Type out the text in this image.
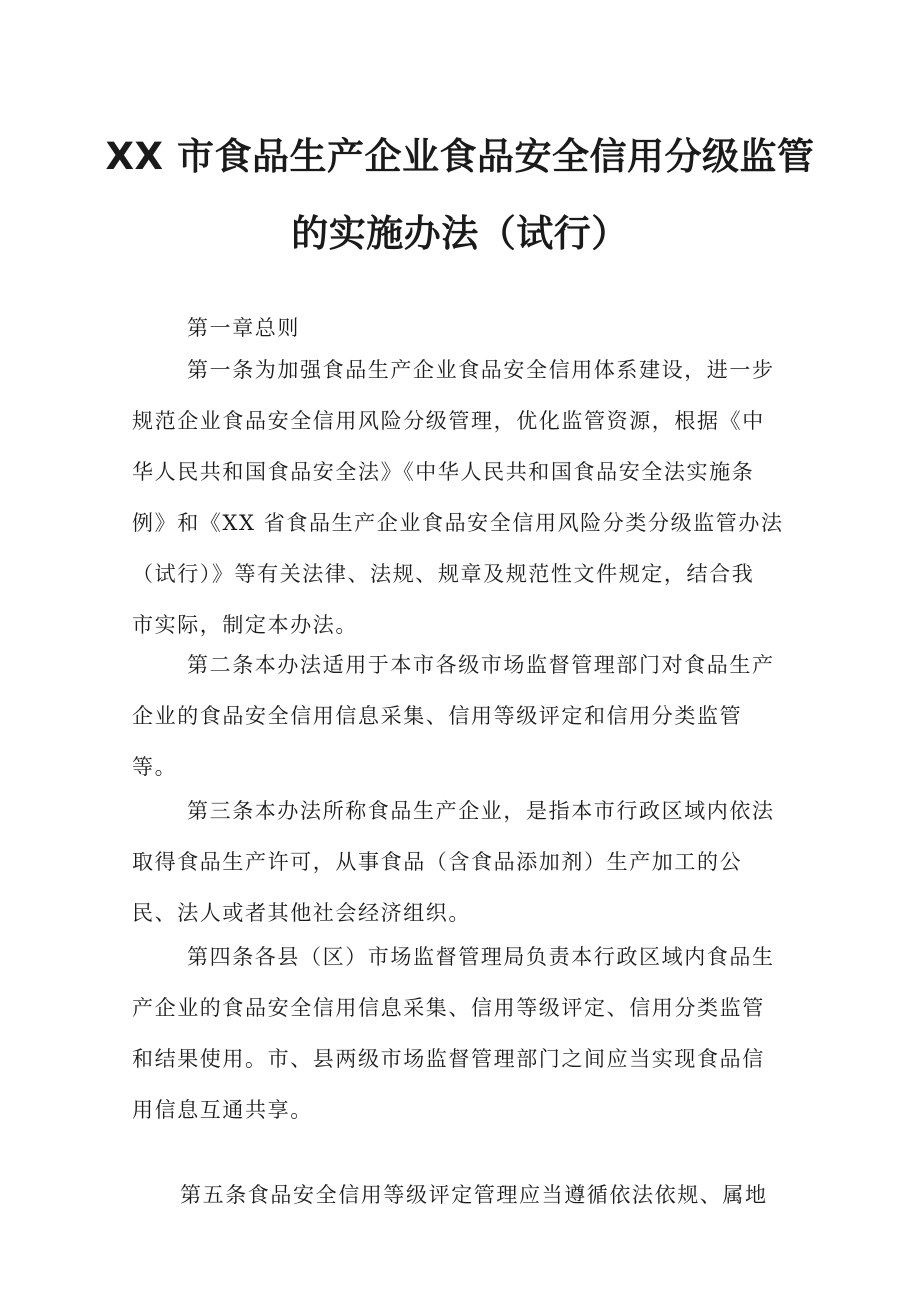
XX 市食品生产企业食品安全信用分级监管
的实施办法（试行）
第一章总则
第一条为加强食品生产企业食品安全信用体系建设，进一步
规范企业食品安全信用风险分级管理，优化监管资源，根据《中
华人民共和国食品安全法》《中华人民共和国食品安全法实施条
例》和《XX 省食品生产企业食品安全信用风险分类分级监管办法
（试行）》等有关法律、法规、规章及规范性文件规定，结合我
市实际，制定本办法。
第二条本办法适用于本市各级市场监督管理部门对食品生产
企业的食品安全信用信息采集、信用等级评定和信用分类监管
等。
第三条本办法所称食品生产企业，是指本市行政区域内依法
取得食品生产许可，从事食品（含食品添加剂）生产加工的公
民、法人或者其他社会经济组织。
第四条各县（区）市场监督管理局负责本行政区域内食品生
产企业的食品安全信用信息采集、信用等级评定、信用分类监管
和结果使用。市、县两级市场监督管理部门之间应当实现食品信
用信息互通共享。
第五条食品安全信用等级评定管理应当遵循依法依规、属地
